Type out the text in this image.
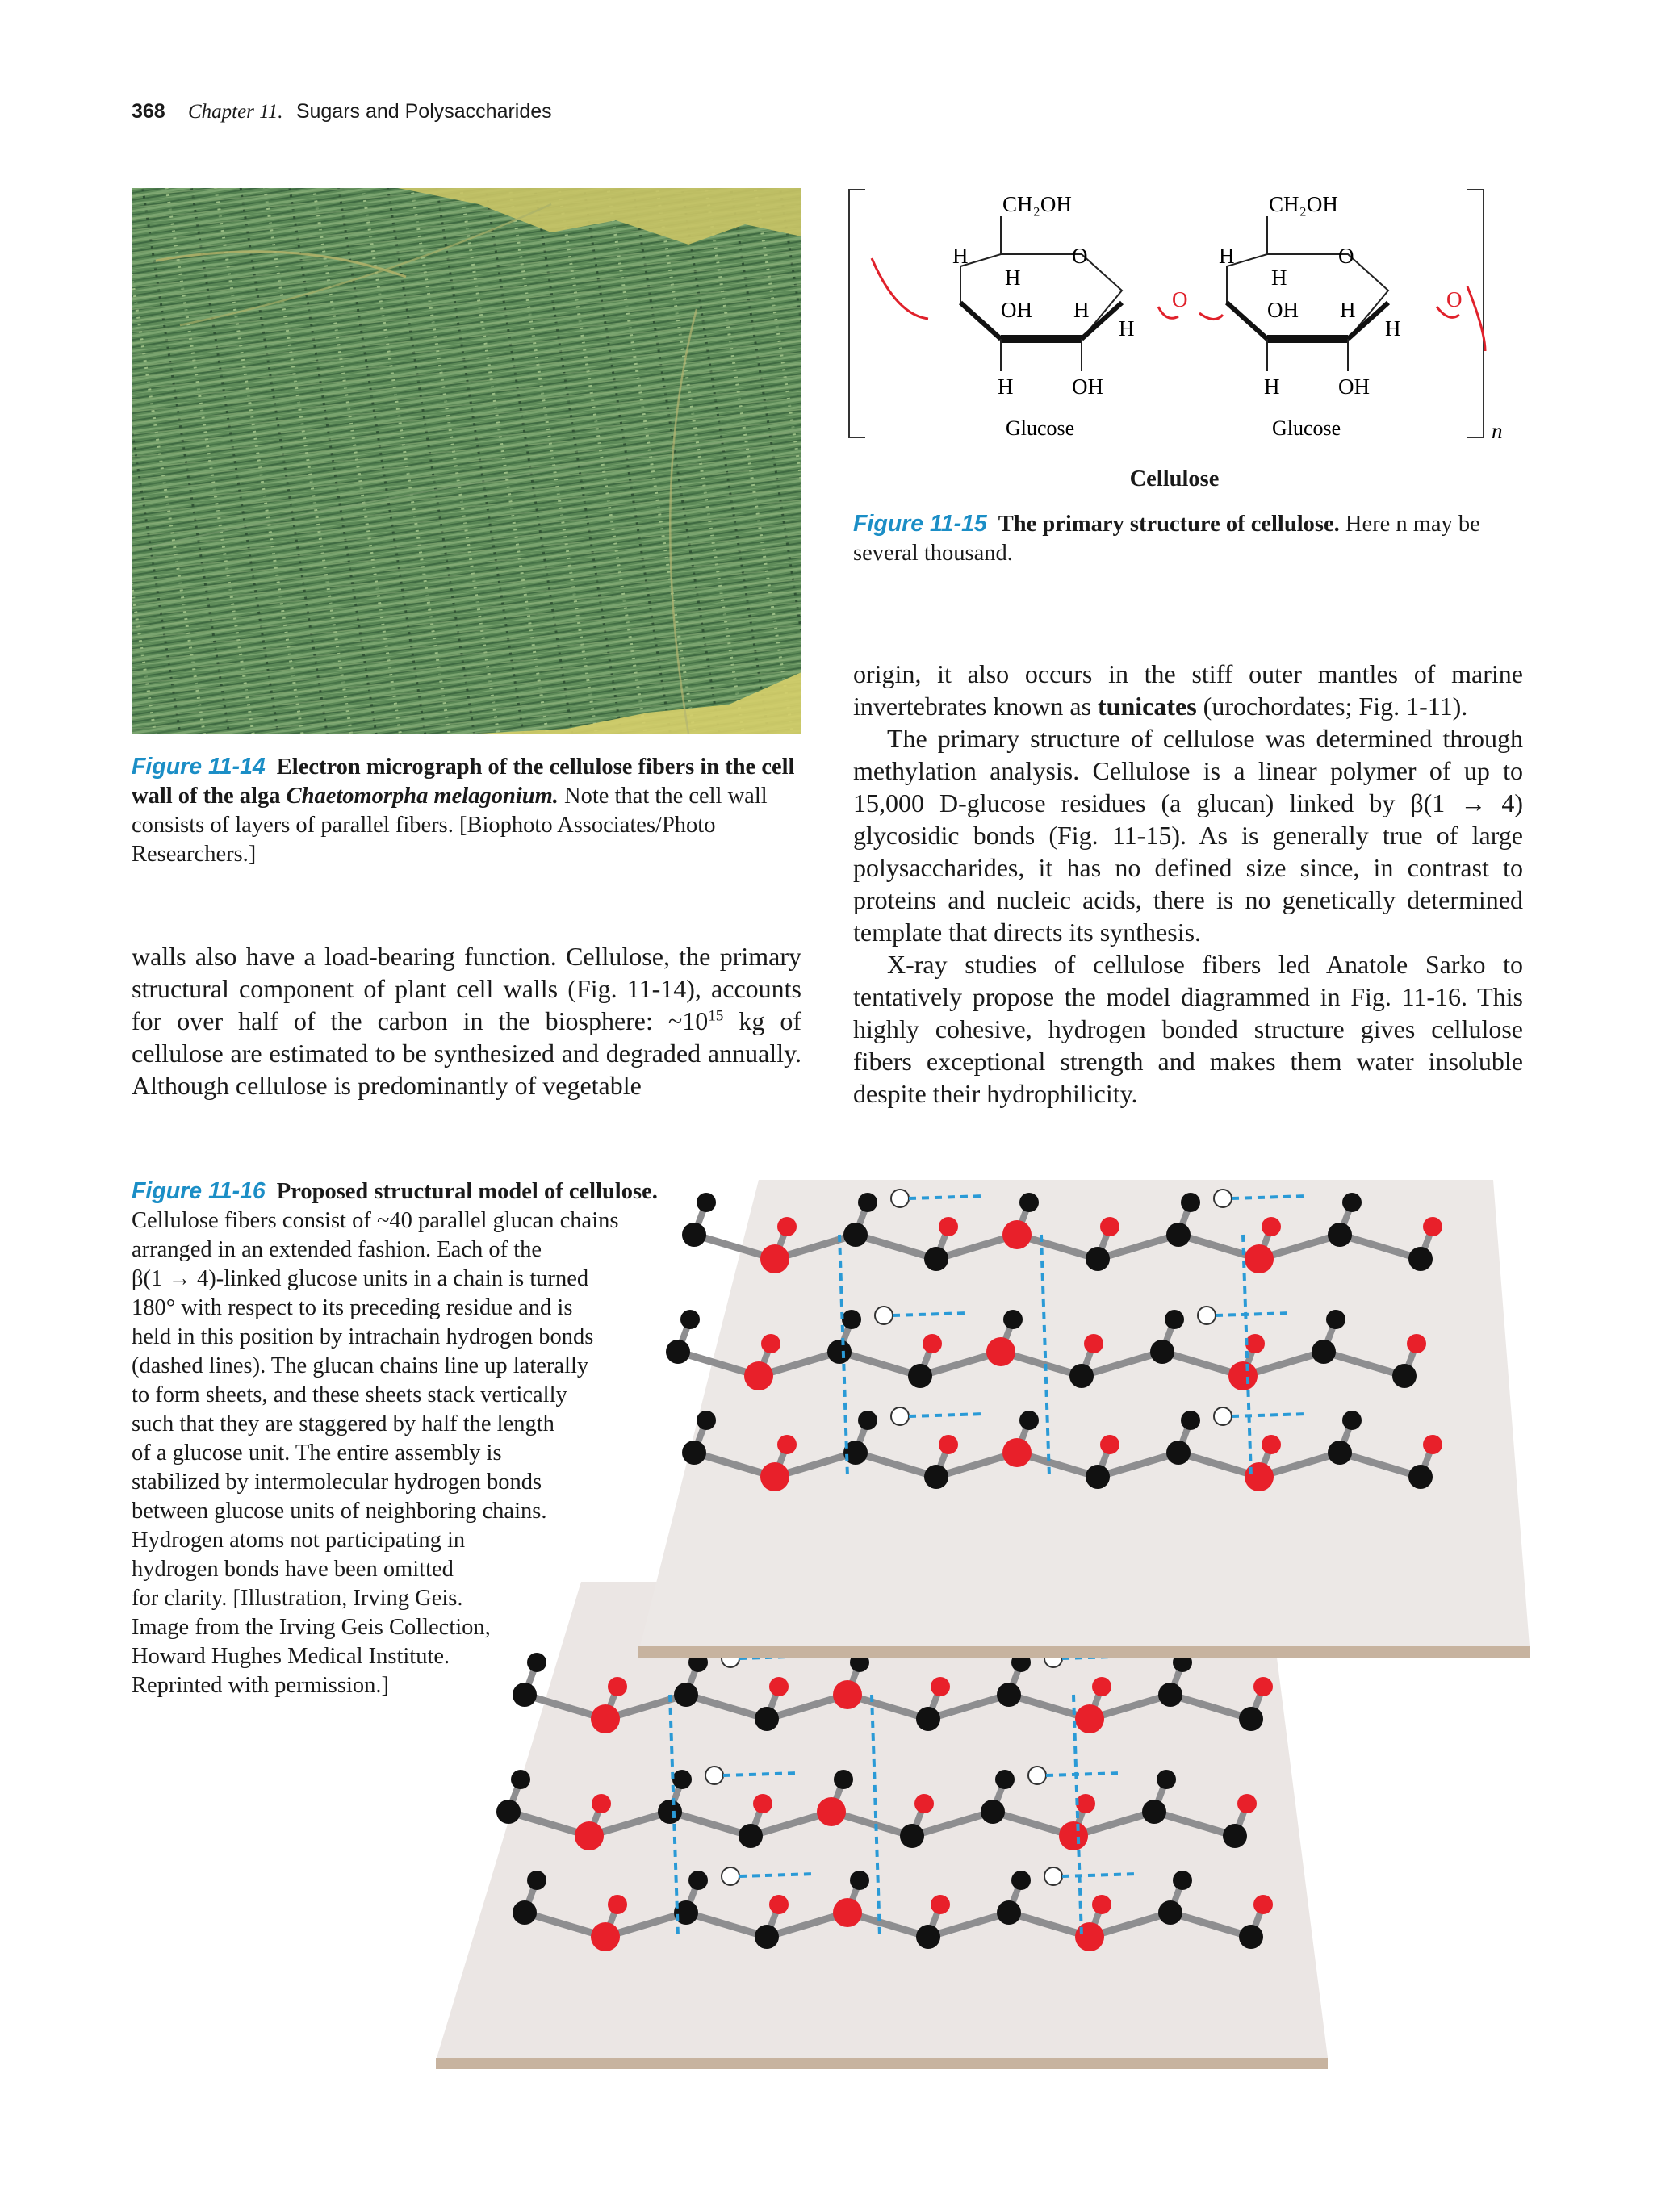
368 Chapter 11. Sugars and Polysaccharides
Figure 11-14 Electron micrograph of the cellulose fibers in the cell wall of the alga Chaetomorpha melagonium. Note that the cell wall consists of layers of parallel fibers. [Biophoto Associates/Photo Researchers.]
n
CH₂OH
H
H
O
OH H
H
H	OH
Glucose
O
CH₂OH
H
H
O
OH H
H
H	OH
Glucose
O
Cellulose
Figure 11-15 The primary structure of cellulose. Here n may be several thousand.

walls also have a load-bearing function. Cellulose, the primary structural component of plant cell walls (Fig. 11-14), accounts for over half of the carbon in the biosphere: $\sim 10^{15}$ kg of cellulose are estimated to be synthesized and degraded annually. Although cellulose is predominantly of vegetable

origin, it also occurs in the stiff outer mantles of marine invertebrates known as tunicates (urochordates; Fig. 1-11).

The primary structure of cellulose was determined through methylation analysis. Cellulose is a linear polymer of up to 15,000 D-glucose residues (a glucan) linked by β(1 → 4) glycosidic bonds (Fig. 11-15). As is generally true of large polysaccharides, it has no defined size since, in contrast to proteins and nucleic acids, there is no genetically determined template that directs its synthesis.

X-ray studies of cellulose fibers led Anatole Sarko to tentatively propose the model diagrammed in Fig. 11-16. This highly cohesive, hydrogen bonded structure gives cellulose fibers exceptional strength and makes them water insoluble despite their hydrophilicity.

Figure 11-16 Proposed structural model of cellulose.
Cellulose fibers consist of ~40 parallel glucan chains
arranged in an extended fashion. Each of the
β(1 → 4)-linked glucose units in a chain is turned
180° with respect to its preceding residue and is
held in this position by intrachain hydrogen bonds
(dashed lines). The glucan chains line up laterally
to form sheets, and these sheets stack vertically
such that they are staggered by half the length
of a glucose unit. The entire assembly is
stabilized by intermolecular hydrogen bonds
between glucose units of neighboring chains.
Hydrogen atoms not participating in
hydrogen bonds have been omitted
for clarity. [Illustration, Irving Geis.
Image from the Irving Geis Collection,
Howard Hughes Medical Institute.
Reprinted with permission.]
